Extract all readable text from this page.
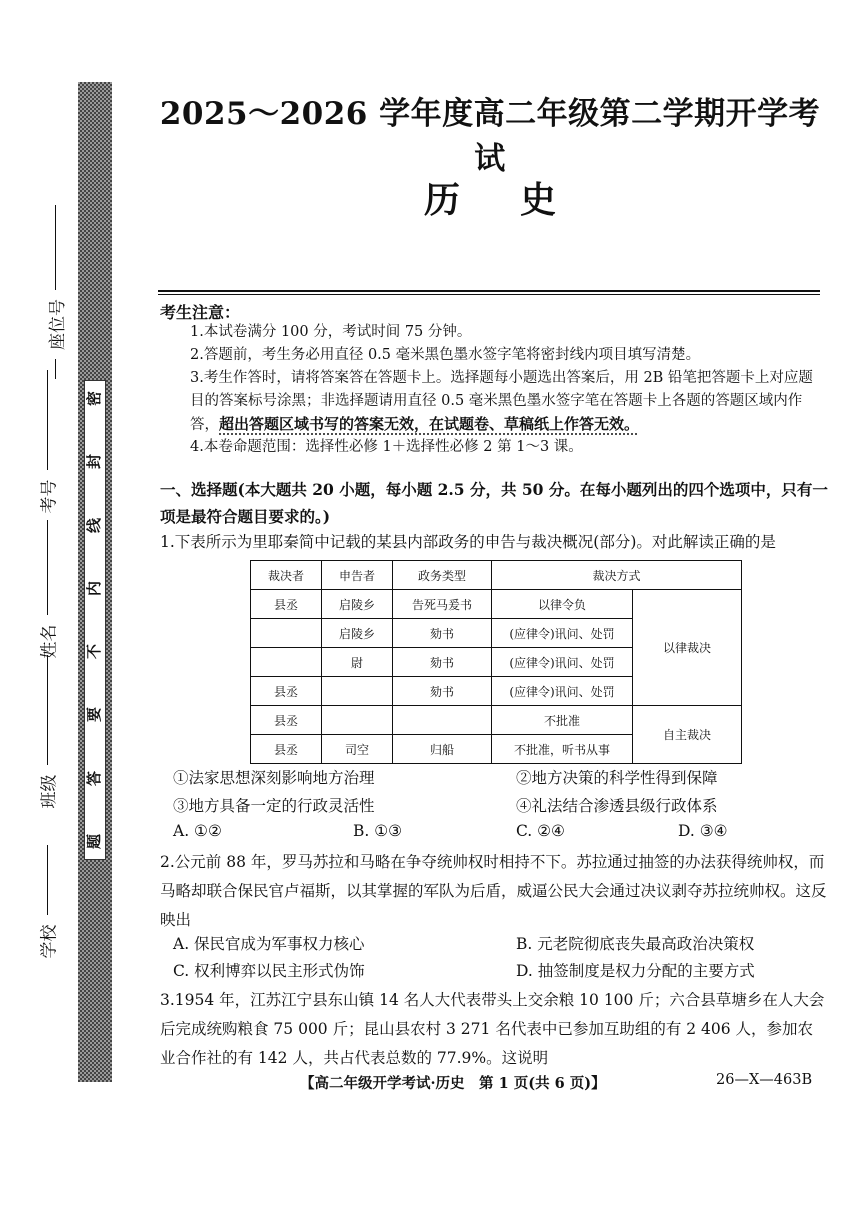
密
封
线
内
不
要
答
题
学校
班级
姓名
考号
座位号
2025～2026 学年度高二年级第二学期开学考试
历史
考生注意：
1.本试卷满分 100 分，考试时间 75 分钟。
2.答题前，考生务必用直径 0.5 毫米黑色墨水签字笔将密封线内项目填写清楚。
3.考生作答时，请将答案答在答题卡上。选择题每小题选出答案后，用 2B 铅笔把答题卡上对应题目的答案标号涂黑；非选择题请用直径 0.5 毫米黑色墨水签字笔在答题卡上各题的答题区域内作答，超出答题区域书写的答案无效，在试题卷、草稿纸上作答无效。
4.本卷命题范围：选择性必修 1＋选择性必修 2 第 1～3 课。
一、选择题(本大题共 20 小题，每小题 2.5 分，共 50 分。在每小题列出的四个选项中，只有一项是最符合题目要求的。)
1.下表所示为里耶秦简中记载的某县内部政务的申告与裁决概况(部分)。对此解读正确的是
裁决者	申告者	政务类型	裁决方式	
县丞	启陵乡	告死马爰书	以律令负	以律裁决
	启陵乡	劾书	(应律令)讯问、处罚	
	尉	劾书	(应律令)讯问、处罚	
县丞		劾书	(应律令)讯问、处罚	
县丞			不批准	自主裁决
县丞	司空	归船	不批准，听书从事	
①法家思想深刻影响地方治理	②地方决策的科学性得到保障
③地方具备一定的行政灵活性	④礼法结合渗透县级行政体系
A. ①②	B. ①③	C. ②④	D. ③④
2.公元前 88 年，罗马苏拉和马略在争夺统帅权时相持不下。苏拉通过抽签的办法获得统帅权，而马略却联合保民官卢福斯，以其掌握的军队为后盾，威逼公民大会通过决议剥夺苏拉统帅权。这反映出
A. 保民官成为军事权力核心	B. 元老院彻底丧失最高政治决策权
C. 权利博弈以民主形式伪饰	D. 抽签制度是权力分配的主要方式
3.1954 年，江苏江宁县东山镇 14 名人大代表带头上交余粮 10 100 斤；六合县草塘乡在人大会后完成统购粮食 75 000 斤；昆山县农村 3 271 名代表中已参加互助组的有 2 406 人，参加农业合作社的有 142 人，共占代表总数的 77.9%。这说明
【高二年级开学考试·历史　第 1 页(共 6 页)】	26—X—463B
